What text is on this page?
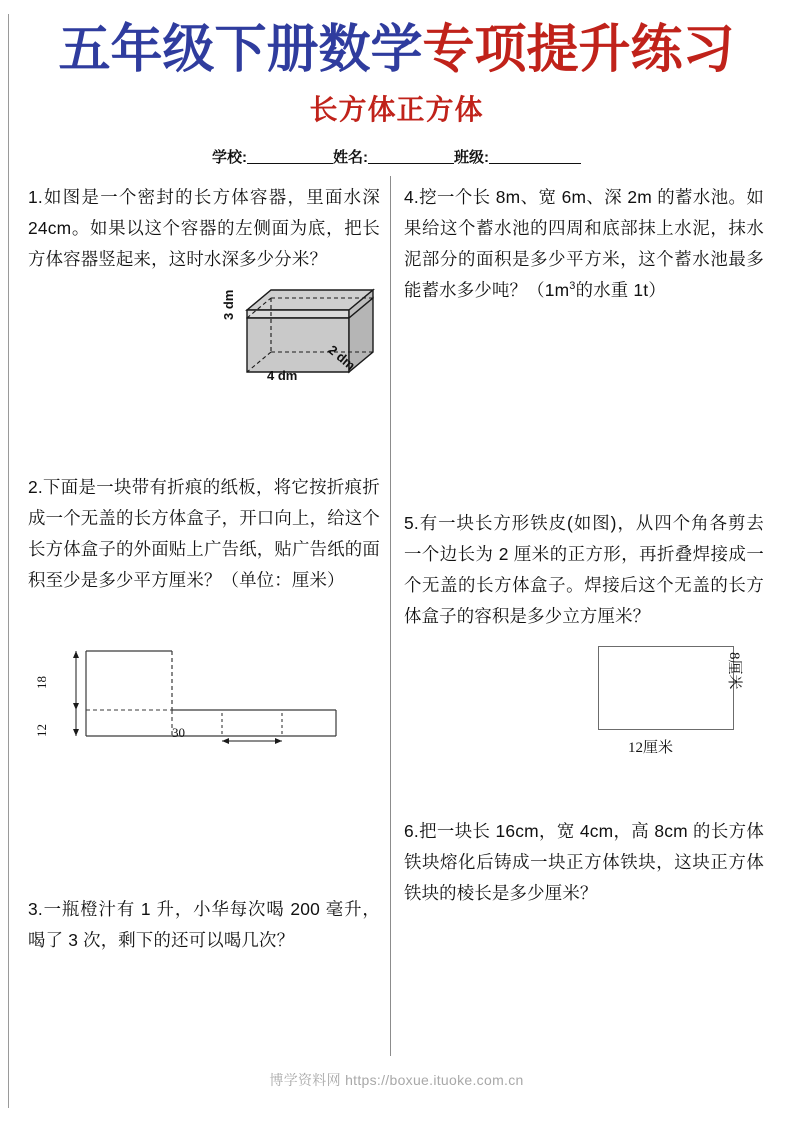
五年级下册数学专项提升练习
长方体正方体
学校:	姓名:	班级:
1.如图是一个密封的长方体容器，里面水深 24cm。如果以这个容器的左侧面为底，把长方体容器竖起来，这时水深多少分米？
3 dm
4 dm
2 dm
2.下面是一块带有折痕的纸板，将它按折痕折成一个无盖的长方体盒子，开口向上，给这个长方体盒子的外面贴上广告纸，贴广告纸的面积至少是多少平方厘米？（单位：厘米）
18
12	30
3.一瓶橙汁有 1 升，小华每次喝 200 毫升，喝了 3 次，剩下的还可以喝几次？
4.挖一个长 8m、宽 6m、深 2m 的蓄水池。如果给这个蓄水池的四周和底部抹上水泥，抹水泥部分的面积是多少平方米，这个蓄水池最多能蓄水多少吨？（$1m^3$的水重 1t）
5.有一块长方形铁皮(如图)，从四个角各剪去一个边长为 2 厘米的正方形，再折叠焊接成一个无盖的长方体盒子。焊接后这个无盖的长方体盒子的容积是多少立方厘米？
12厘米
8厘米
6.把一块长 16cm，宽 4cm，高 8cm 的长方体铁块熔化后铸成一块正方体铁块，这块正方体铁块的棱长是多少厘米？
博学资料网 https://boxue.ituoke.com.cn
